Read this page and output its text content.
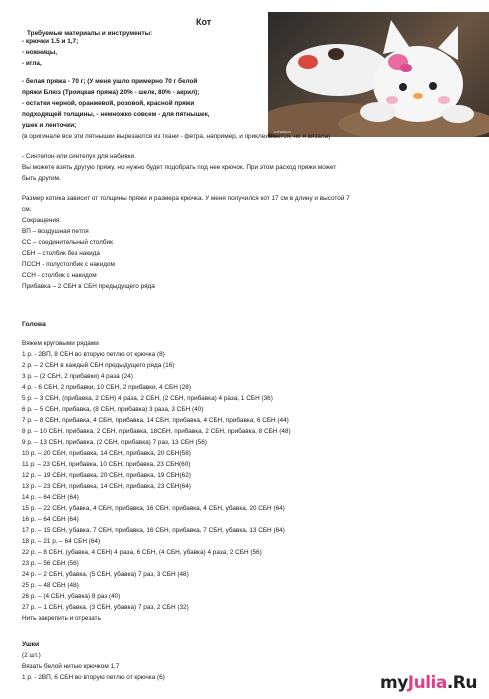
Кот
Lehamon
Требуемые материалы и инструменты:
- крючки 1.5 и 1,7;
- ножницы,
- игла,
- белая пряжа - 70 г; (У меня ушло примерно 70 г белой
пряжи Блюз (Троицкая пряжа) 20% - шелк, 80% - акрил);
- остатки черной, оранжевой, розовой, красной пряжи
подходящей толщины, - немножко совсем - для пятнышек,
ушек и ленточки;
(в оригинале все эти пятнышки вырезаются из ткани - фетра, например, и приклеиваются, но я вязала)
- Синтепон или синтепух для набивки.
Вы можете взять другую пряжу, но нужно будет подобрать под нее крючок. При этом расход пряжи может
быть другим.
Размер котика зависит от толщины пряжи и размера крючка. У меня получился кот 17 см в длину и высотой 7
см.
Сокращения:
ВП – воздушная петля
СС – соединительный столбик
СБН – столбик без накида
ПССН - полустолбик с накидом
ССН - столбик с накидом
Прибавка – 2 СБН в СБН предыдущего ряда
Голова
Вяжем круговыми рядами
1 р. - 2ВП, 8 СБН во вторую петлю от крючка (8)
2 р. – 2 СБН в каждый СБН предыдущего ряда (16)
3 р. – (2 СБН, 2 прибавки) 4 раза (24)
4 р. - 6 СБН, 2 прибавки, 10 СБН, 2 прибавки, 4 СБН (28)
5 р. – 3 СБН, (прибавка, 2 СБН) 4 раза, 2 СБН, (2 СБН, прибавка) 4 раза, 1 СБН (36)
6 р. – 5 СБН, прибавка, (8 СБН, прибавка) 3 раза, 3 СБН (40)
7 р. – 8 СБН, прибавка, 4 СБН, прибавка, 14 СБН, прибавка, 4 СБН, прибавка, 6 СБН (44)
8 р. – 10 СБН, прибавка, 2 СБН, прибавка, 18СБН, прибавка, 2 СБН, прибавка, 8 СБН (48)
9 р. – 13 СБН, прибавка, (2 СБН, прибавка) 7 раз, 13 СБН (56)
10 р. – 20 СБН, прибавка, 14 СБН, прибавка, 20 СБН(58)
11 р. – 23 СБН, прибавка, 10 СБН, прибавка, 23 СБН(60)
12 р. – 19 СБН, прибавка, 20 СБН, прибавка, 19 СБН(62)
13 р. – 23 СБН, прибавка, 14 СБН, прибавка, 23 СБН(64)
14 р. – 64 СБН (64)
15 р. – 22 СБН, убавка, 4 СБН, прибавка, 16 СБН, прибавка, 4 СБН, убавка, 20 СБН (64)
16 р. – 64 СБН (64)
17 р. – 15 СБН, убавка, 7 СБН, прибавка, 16 СБН, прибавка, 7 СБН, убавка, 13 СБН (64)
18 р. – 21 р. – 64 СБН (64)
22 р. – 8 СБН, (убавка, 4 СБН) 4 раза, 6 СБН, (4 СБН, убавка) 4 раза, 2 СБН (56)
23 р. – 56 СБН (56)
24 р. – 2 СБН, убавка, (5 СБН, убавка) 7 раз, 3 СБН (48)
25 р. – 48 СБН (48)
26 р. – (4 СБН, убавка) 8 раз (40)
27 р. – 1 СБН, убавка, (3 СБН, убавка) 7 раз, 2 СБН (32)
Нить закрепить и отрезать
Ушки
(2 шт.)
Вязать белой нитью крючком 1,7
1 р. - 2ВП, 6 СБН во вторую петлю от крючка (6)	myJulia.Ru
